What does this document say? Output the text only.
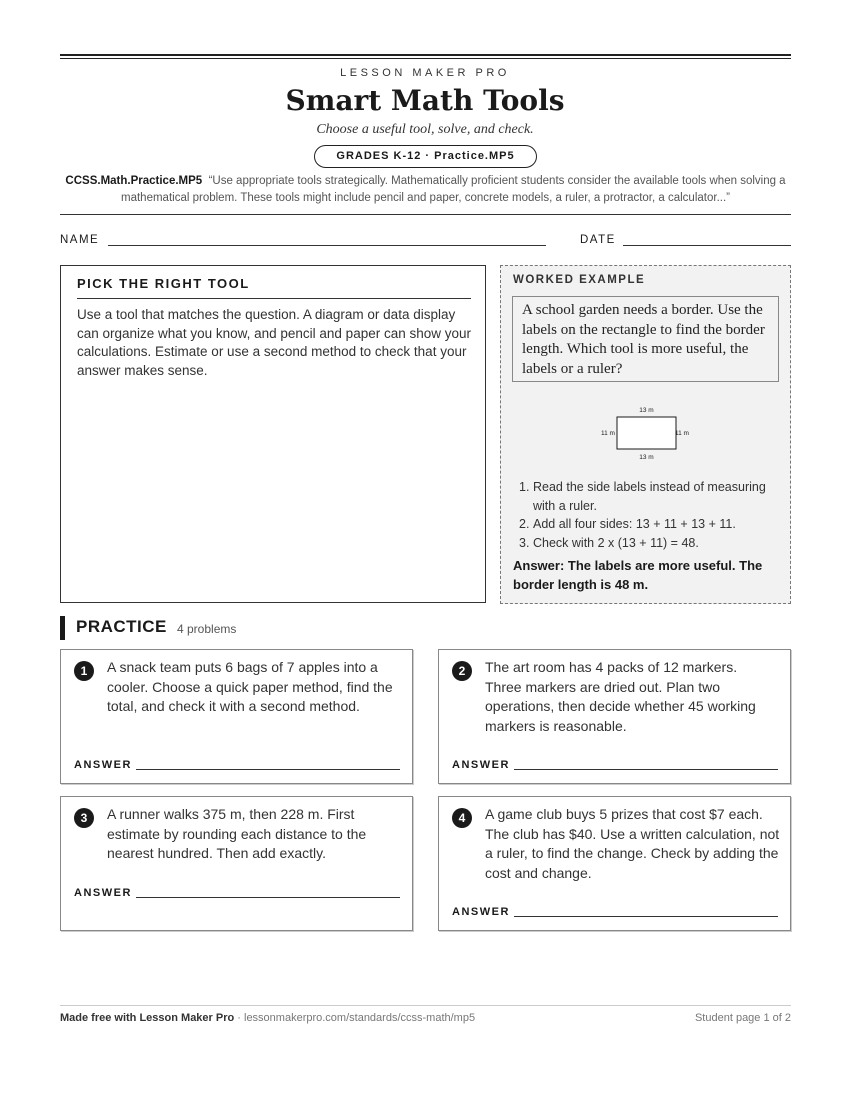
LESSON MAKER PRO
Smart Math Tools
Choose a useful tool, solve, and check.
GRADES K-12 · Practice.MP5
CCSS.Math.Practice.MP5 “Use appropriate tools strategically. Mathematically proficient students consider the available tools when solving a mathematical problem. These tools might include pencil and paper, concrete models, a ruler, a protractor, a calculator...”
NAME	DATE
PICK THE RIGHT TOOL
Use a tool that matches the question. A diagram or data display can organize what you know, and pencil and paper can show your calculations. Estimate or use a second method to check that your answer makes sense.
WORKED EXAMPLE
A school garden needs a border. Use the labels on the rectangle to find the border length. Which tool is more useful, the labels or a ruler?
13 m
13 m
11 m	11 m
1. Read the side labels instead of measuring with a ruler.
2. Add all four sides: 13 + 11 + 13 + 11.
3. Check with 2 x (13 + 11) = 48.
Answer: The labels are more useful. The border length is 48 m.
PRACTICE 4 problems
1	A snack team puts 6 bags of 7 apples into a cooler. Choose a quick paper method, find the total, and check it with a second method.
ANSWER
2	The art room has 4 packs of 12 markers. Three markers are dried out. Plan two operations, then decide whether 45 working markers is reasonable.
ANSWER
3	A runner walks 375 m, then 228 m. First estimate by rounding each distance to the nearest hundred. Then add exactly.
ANSWER
4	A game club buys 5 prizes that cost $7 each. The club has $40. Use a written calculation, not a ruler, to find the change. Check by adding the cost and change.
ANSWER
Made free with Lesson Maker Pro · lessonmakerpro.com/standards/ccss-math/mp5	Student page 1 of 2
